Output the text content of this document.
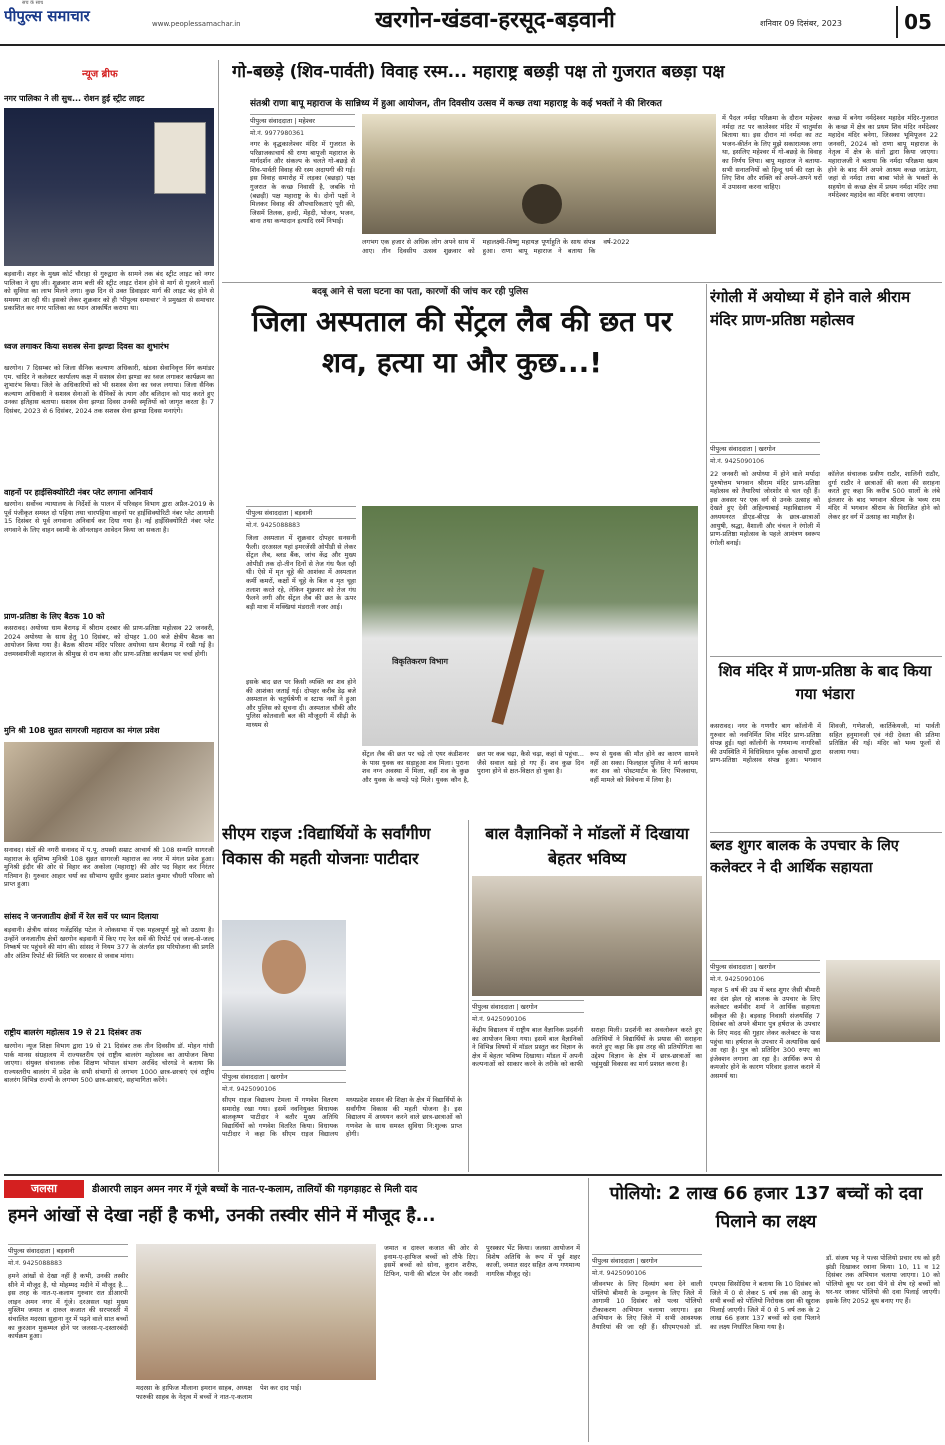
सच के साथ
पीपुल्स समाचार	www.peoplessamachar.in	खरगोन-खंडवा-हरसूद-बड़वानी	शनिवार 09 दिसंबर, 2023	05
न्यूज ब्रीफ
नगर पालिका ने ली सुध... रोशन हुई स्ट्रीट लाइट
बड़वानी। शहर के मुख्य कोर्ट चौराहा से गुरुद्वारा के सामने तक बंद स्ट्रीट लाइट को नगर पालिका ने सुध ली। शुक्रवार शाम बत्ती की स्ट्रीट लाइट रोशन होने से मार्ग से गुजरने वालों को सुविधा का लाभ मिलने लगा। कुछ दिन से उक्त डिवाइडर मार्ग की लाइट बंद होने से समस्या आ रही थी। इसको लेकर शुक्रवार को ही 'पीपुल्स समाचार' ने प्रमुखता से समाचार प्रकाशित कर नगर पालिका का ध्यान आकर्षित कराया था।
ध्वज लगाकर किया सशस्त्र सेना झण्डा दिवस का शुभारंभ
खरगोन। 7 दिसम्बर को जिला सैनिक कल्याण अधिकारी, खंडवा सेवानिवृत्त विंग कमांडर एम. चांदिर ने कलेक्टर कार्यालय कक्ष में सशस्त्र सेना झण्डा का ध्वज लगाकर कार्यक्रम का शुभारंभ किया। जिले के अधिकारियों को भी सशस्त्र सेना का ध्वज लगाया। जिला सैनिक कल्याण अधिकारी ने सशस्त्र सेनाओं के सैनिकों के त्याग और बलिदान को याद करते हुए उनका इतिहास बताया। सशस्त्र सेना झण्डा दिवस उनकी स्मृतियों को जागृत करता है। 7 दिसंबर, 2023 से 6 दिसंबर, 2024 तक सशस्त्र सेना झण्डा दिवस मनाएंगे।
वाहनों पर हाईसिक्योरिटी नंबर प्लेट लगाना अनिवार्य
खरगोन। सर्वोच्च न्यायालय के निर्देशों के पालन में परिवहन विभाग द्वारा अप्रैल-2019 के पूर्व पंजीकृत समस्त दो पहिया तथा चारपहिया वाहनों पर हाईसिक्योरिटी नंबर प्लेट आगामी 15 दिसंबर से पूर्व लगवाना अनिवार्य कर दिया गया है। नई हाईसिक्योरिटी नंबर प्लेट लगवाने के लिए वाहन स्वामी के ऑनलाइन आवेदन किया जा सकता है।
प्राण-प्रतिष्ठा के लिए बैठक 10 को
कसरावद। अयोध्या धाम बैरागढ़ में श्रीराम दरबार की प्राण-प्रतिष्ठा महोत्सव 22 जनवरी, 2024 अयोध्या के साथ हेतु 10 दिसंबर, को दोपहर 1.00 बजे क्षेत्रीय बैठक का आयोजन किया गया है। बैठक श्रीराम मंदिर परिसर अयोध्या धाम बैरागढ़ में रखी गई है। उत्तमस्वामीजी महाराज के श्रीमुख से राम कथा और प्राण-प्रतिष्ठा कार्यक्रम पर चर्चा होगी।
मुनि श्री 108 सुव्रत सागरजी महाराज का मंगल प्रवेश
सनावद। संतों की नगरी सनावद में प.पू. तपस्वी सम्राट आचार्य श्री 108 सन्मति सागरजी महाराज के सुशिष्य मुनिश्री 108 सुव्रत सागरजी महाराज का नगर में मंगल प्रवेश हुआ। मुनिश्री इंदौर की ओर से विहार कर अकोला (महाराष्ट्र) की ओर पद विहार कर निरंतर गतिमान है। गुरुवार आहार चर्या का सौभाग्य सुधीर कुमार प्रशांत कुमार चौधरी परिवार को प्राप्त हुआ।
सांसद ने जनजातीय क्षेत्रों में रेल सर्वे पर ध्यान दिलाया
बड़वानी। क्षेत्रीय सांसद गजेंद्रसिंह पटेल ने लोकसभा में एक महत्वपूर्ण मुद्दे को उठाया है। उन्होंने जनजातीय क्षेत्रों खरगोन बड़वानी में किए गए रेल सर्वे की रिपोर्ट एवं जल्द-से-जल्द निष्कर्ष पर पहुंचने की मांग की। सांसद ने नियम 377 के अंतर्गत इस परियोजना की प्रगति और अंतिम रिपोर्ट की स्थिति पर सरकार से जवाब मांगा।
राष्ट्रीय बालरंग महोत्सव 19 से 21 दिसंबर तक
खरगोन। न्यूज शिक्षा विभाग द्वारा 19 से 21 दिसंबर तक तीन दिवसीय डॉ. मोहन गांधी पार्क मानस संग्रहालय में राज्यस्तरीय एवं राष्ट्रीय बालरंग महोत्सव का आयोजन किया जाएगा। संयुक्त संचालक लोक शिक्षण भोपाल संभाग अरविंद चोरगडे ने बताया कि राज्यस्तरीय बालरंग में प्रदेश के सभी संभागों से लगभग 1000 छात्र-छात्राएं एवं राष्ट्रीय बालरंग विभिन्न राज्यों के लगभग 500 छात्र-छात्राएं, सहभागिता करेंगे।
गो-बछड़े (शिव-पार्वती) विवाह रस्म... महाराष्ट्र बछड़ी पक्ष तो गुजरात बछड़ा पक्ष
संतश्री राणा बापू महाराज के सान्निध्य में हुआ आयोजन, तीन दिवसीय उत्सव में कच्छ तथा महाराष्ट्र के कई भक्तों ने की शिरकत
पीपुल्स संवाददाता | महेश्वर
मो.नं. 9977980361
नगर के वृद्धकालेश्वर मंदिर में गुजरात के परिव्राजकाचार्य श्री राणा बापूजी महाराज के मार्गदर्शन और संकल्प के चलते गो-बछड़े से शिव-पार्वती विवाह की रस्म अदायगी की गई। इस विवाह समारोह में लड़का (बछड़ा) पक्ष गुजरात के कच्छ निवासी है, जबकि गो (बछड़ी) पक्ष महाराष्ट्र के थे। दोनों पक्षों ने मिलकर विवाह की औपचारिकताएं पूरी की, जिसमें तिलक, हल्दी, मेंहदी, भोजन, भजन, बाना तथा कन्यादान इत्यादि रस्में निभाई।
लगभग एक हजार से अधिक लोग अपने साथ में आए। तीन दिवसीय उत्सव शुक्रवार को महालक्ष्मी-विष्णु महायज्ञ पूर्णाहुति के साथ संपन्न हुआ। राणा बापू महाराज ने बताया कि वर्ष-2022
में पैदल नर्मदा परिक्रमा के दौरान महेश्वर नर्मदा तट पर कालेश्वर मंदिर में चातुर्मास बिताया था। इस दौरान मां नर्मदा का तट भजन-कीर्तन के लिए मुझे सकारात्मक लगा था, इसलिए महेश्वर में गो-बछड़े के विवाह का निर्णय लिया। बापू महाराज ने बताया- सभी सनातनियों को हिन्दू धर्म की रक्षा के लिए शिव और शक्ति को अपने-अपने घरों में उपासना करना चाहिए।
कच्छ में बनेगा नर्मदेश्वर महादेव मंदिर-गुजरात के कच्छ में क्षेत्र का प्रथम शिव मंदिर नर्मदेश्वर महादेव मंदिर बनेगा, जिसका भूमिपूजन 22 जनवरी, 2024 को राणा बापू महाराज के नेतृत्व में क्षेत्र के संतों द्वारा किया जाएगा। महाराजजी ने बताया कि नर्मदा परिक्रमा खत्म होने के बाद मैंने अपने आश्रम कच्छ जाऊंगा, जहां से नर्मदा तथा बाबा भोले के भक्तों के सहयोग से कच्छ क्षेत्र में प्रथम नर्मदा मंदिर तथा नर्मदेश्वर महादेव का मंदिर बनाया जाएगा।
बदबू आने से चला घटना का पता, कारणों की जांच कर रही पुलिस
जिला अस्पताल की सेंट्रल लैब की छत पर शव, हत्या या और कुछ...!
पीपुल्स संवाददाता | बड़वानी
मो.नं. 9425088883
जिला अस्पताल में शुक्रवार दोपहर सनसनी फैली। दरअसल यहां इमरजेंसी ओपीडी से लेकर सेंट्रल लैब, ब्लड बैंक, जांच केंद्र और मुख्य ओपीडी तक दो-तीन दिनों से तेज गंध फैल रही थी। ऐसे में मृत चूहे की आशंका में अस्पताल कर्मी कमरों, कक्षों में चूहे के बिल व मृत चूहा तलाश करते रहे, लेकिन शुक्रवार को तेज गंध फैलने लगी और सेंट्रल लैब की छत के ऊपर बड़ी मात्रा में मक्खियां मंडराती नजर आई।
इसके बाद छत पर किसी व्यक्ति का शव होने की आशंका जताई गई। दोपहर करीब डेढ़ बजे अस्पताल के चतुर्थश्रेणी व स्टाफ नर्सों ने हुआ और पुलिस को सूचना दी। अस्पताल चौकी और पुलिस कोतवाली बल की मौजूदगी में सीढ़ी के माध्यम से
विकृतिकरण विभाग
सेंट्रल लैब की छत पर चढ़े तो एयर कंडीशनर के पास युवक का सड़ाहूआ शव मिला। पुराना शव नग्न अवस्था में मिला, वहीं शव के कुछ और युवक के कपड़े पड़े मिले। युवक कौन है, छत पर कब चढ़ा, कैसे चढ़ा, कहां से पहुंचा... जैसे सवाल खड़े हो गए हैं। शव कुछ दिन पुराना होने से क्षत-विक्षत हो चुका है।
रूप से युवक की मौत होने का कारण सामने नहीं आ सका। फिलहाल पुलिस ने मर्ग कायम कर शव को पोस्टमार्टम के लिए भिजवाया, वहीं मामले को विवेचना में लिया है।
रंगोली में अयोध्या में होने वाले श्रीराम मंदिर प्राण-प्रतिष्ठा महोत्सव
पीपुल्स संवाददाता | खरगोन
मो.नं. 9425090106
22 जनवरी को अयोध्या में होने वाले मर्यादा पुरुषोत्तम भगवान श्रीराम मंदिर प्राण-प्रतिष्ठा महोत्सव को तैयारियां जोरशोर से चल रही हैं। इस अवसर पर एक वर्ग से उनके उत्साह को देखते हुए देवी अहिल्याबाई महाविद्यालय में अध्ययनरत डीएड-बीएड के छात्र-छात्राओं आयुषी, श्रद्धा, वैशाली और चंचल ने रंगोली में प्राण-प्रतिष्ठा महोत्सव के पहले आमंत्रण स्वरूप रंगोली बनाई।
कॉलेज संचालक प्रवीण राठौर, शालिनी राठौर, दुर्गा राठौर ने छात्राओं की कला की सराहना करते हुए कहा कि करीब 500 सालों के लंबे इंतजार के बाद भगवान श्रीराम के भव्य राम मंदिर में भगवान श्रीराम के विराजित होने को लेकर हर वर्ग में उत्साह का माहौल है।
शिव मंदिर में प्राण-प्रतिष्ठा के बाद किया गया भंडारा
कसरावद। नगर के गणगौर बाग कॉलोनी में गुरुवार को नवनिर्मित शिव मंदिर प्राण-प्रतिष्ठा संपन्न हुई। यहां कॉलोनी के गणमान्य नागरिकों की उपस्थिति में विधिविधान पूर्वक आचार्यों द्वारा प्राण-प्रतिष्ठा महोत्सव संपन्न हुआ। भगवान शिवजी, गणेशजी, कार्तिकेयजी, मां पार्वती सहित हनुमानजी एवं नंदी देवता की प्रतिमा प्रतिष्ठित की गई। मंदिर को भव्य फूलों से सजाया गया।
सीएम राइज :विद्यार्थियों के सर्वांगीण विकास की महती योजनाः पाटीदार
पीपुल्स संवाददाता | खरगोन
मो.नं. 9425090106
सीएम राइज विद्यालय टेमला में गणवेश वितरण समारोह रखा गया। इसमें नवनियुक्त विधायक बालकृष्ण पाटीदार ने बतौर मुख्य अतिथि विद्यार्थियों को गणवेश वितरित किया। विधायक पाटीदार ने कहा कि सीएम राइज विद्यालय मध्यप्रदेश शासन की शिक्षा के क्षेत्र में विद्यार्थियों के सर्वांगीण विकास की महती योजना है। इस विद्यालय में अध्ययन करने वाले छात्र-छात्राओं को गणवेश के साथ समस्त सुविधा नि:शुल्क प्राप्त होगी।
बाल वैज्ञानिकों ने मॉडलों में दिखाया बेहतर भविष्य
पीपुल्स संवाददाता | खरगोन
मो.नं. 9425090106
केंद्रीय विद्यालय में राष्ट्रीय बाल वैज्ञानिक प्रदर्शनी का आयोजन किया गया। इसमें बाल वैज्ञानिकों ने विभिन्न विषयों में मॉडल प्रस्तुत कर विज्ञान के क्षेत्र में बेहतर भविष्य दिखाया। मॉडल में अपनी कल्पनाओं को साकार करने के तरीके को काफी सराहा मिली। प्रदर्शनी का अवलोकन करते हुए अतिथियों ने विद्यार्थियों के प्रयास की सराहना करते हुए कहा कि इस तरह की प्रतियोगिता का उद्देश्य विज्ञान के क्षेत्र में छात्र-छात्राओं का चहुंमुखी विकास का मार्ग प्रशस्त करना है।
ब्लड शुगर बालक के उपचार के लिए कलेक्टर ने दी आर्थिक सहायता
पीपुल्स संवाददाता | खरगोन
मो.नं. 9425090106
महज 5 वर्ष की उम्र में ब्लड शुगर जैसी बीमारी का दंश झेल रहे बालक के उपचार के लिए कलेक्टर कर्मवीर शर्मा ने आर्थिक सहायता स्वीकृत की है। बड़वाह निवासी संजयसिंह 7 दिसंबर को अपने बीमार पुत्र हर्षराज के उपचार के लिए मदद की गुहार लेकर कलेक्टर के पास पहुंचा था। हर्षराज के उपचार में अत्याधिक खर्च आ रहा है। पुत्र को प्रतिदिन 300 रुपए का इंजेक्शन लगाना आ रहा है। आर्थिक रूप से कमजोर होने के कारण परिवार इलाज कराने में असमर्थ था।
जलसा	डीआरपी लाइन अमन नगर में गूंजे बच्चों के नात-ए-कलाम, तालियों की गड़गड़ाहट से मिली दाद
हमने आंखों से देखा नहीं है कभी, उनकी तस्वीर सीने में मौजूद है...
पीपुल्स संवाददाता | बड़वानी
मो.नं. 9425088883
हमने आंखों से देखा नहीं है कभी, उनकी तस्वीर सीने में मौजूद है, यो मोहम्मद मदीने में मौजूद है... इस तरह के नात-ए-कलाम गुरुवार रात डीआरपी लाइन अमन नगर में गूंजे। दरअसल यहां मुख्य मुस्लिम जमात व दारुल कजात की सरपरस्ती में संचालित मदरसा सुहाना नूर में पढ़ने वाले सात बच्चों का कुरआन मुकम्मल होने पर जलसा-ए-दस्तारबंदी कार्यक्रम हुआ।
मदरसा के हाफिज मौलाना इमरान साहब, अध्यक्ष फारुकी साहब के नेतृत्व में बच्चों ने नात-ए-कलाम पेश कर दाद पाई।
जमात व दारुल कजात की ओर से इनाम-ए-हाफिज बच्चों को तौफे दिए। इसमें बच्चों को सोना, कुरान शरीफ, टिफिन, पानी की बॉटल पेन और नकदी पुरस्कार भेंट किया। जलसा आयोजन में विशेष अतिथि के रूप में पूर्व शहर काजी, जमात सदर सहित अन्य गणमान्य नागरिक मौजूद रहे।
पोलियो: 2 लाख 66 हजार 137 बच्चों को दवा पिलाने का लक्ष्य
पीपुल्स संवाददाता | खरगोन
मो.नं. 9425090106
जीवनभर के लिए दिव्यांग बना देने वाली पोलियो बीमारी के उन्मूलन के लिए जिले में आगामी 10 दिसंबर को पल्स पोलियो टीकाकरण अभियान चलाया जाएगा। इस अभियान के लिए जिले में सभी आवश्यक तैयारियां की जा रही हैं। सीएमएचओ डॉ. एमएस सिसोदिया ने बताया कि 10 दिसंबर को जिले में 0 से लेकर 5 वर्ष तक की आयु के सभी बच्चों को पोलियो निरोधक दवा की खुराक पिलाई जाएगी। जिले में 0 से 5 वर्ष तक के 2 लाख 66 हजार 137 बच्चों को दवा पिलाने का लक्ष्य निर्धारित किया गया है।
डॉ. संजय भट्ट ने पल्स पोलियो प्रचार रथ को हरी झंडी दिखाकर रवाना किया। 10, 11 व 12 दिसंबर तक अभियान चलाया जाएगा। 10 को पोलियो बूथ पर दवा पीने से शेष रहे बच्चों को घर-घर जाकर पोलियो की दवा पिलाई जाएगी। इसके लिए 2052 बूथ बनाए गए हैं।
